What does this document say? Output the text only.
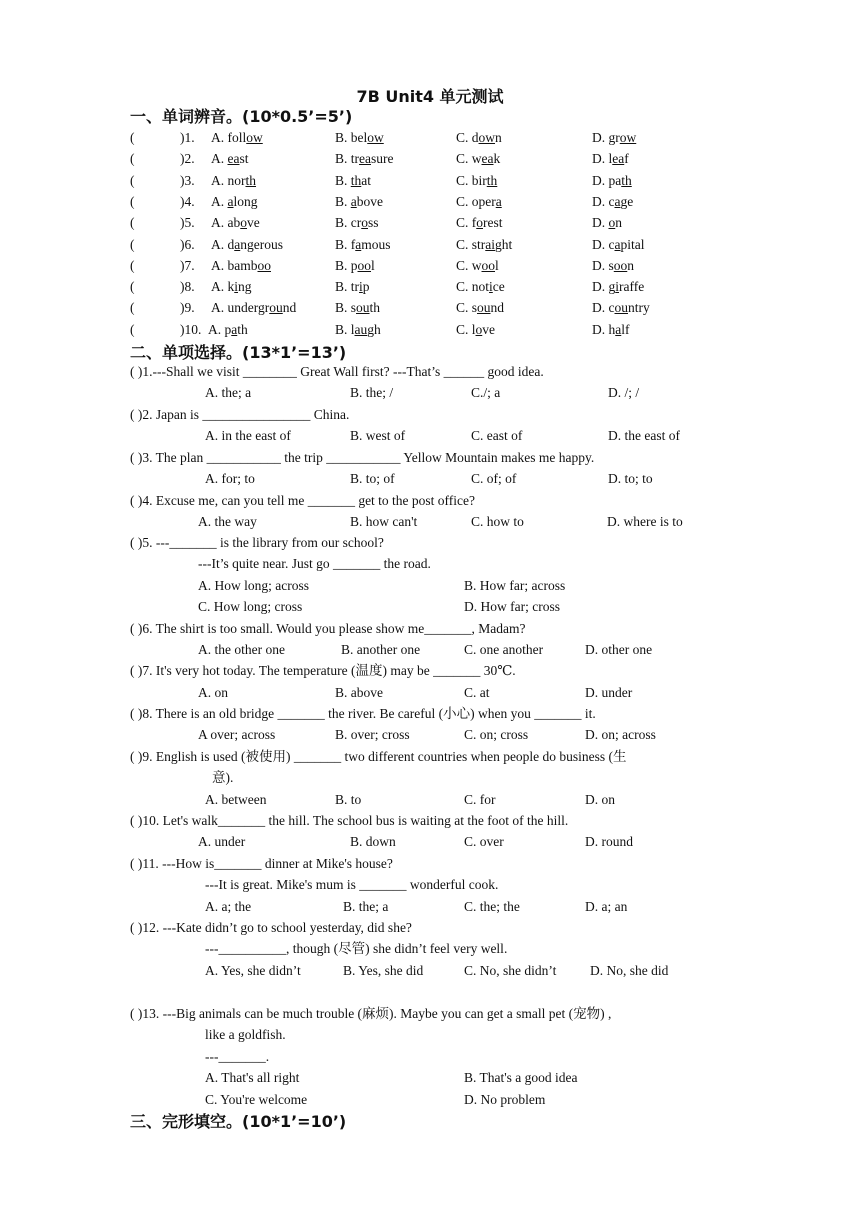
7B Unit4 单元测试
一、单词辨音。(10*0.5’=5’)
(	)1. A. follow	B. below	C. down	D. grow
(	)2. A. east	B. treasure	C. weak	D. leaf
(	)3. A. north	B. that	C. birth	D. path
(	)4. A. along	B. above	C. opera	D. cage
(	)5. A. above	B. cross	C. forest	D. on
(	)6. A. dangerous	B. famous	C. straight	D. capital
(	)7. A. bamboo	B. pool	C. wool	D. soon
(	)8. A. king	B. trip	C. notice	D. giraffe
(	)9. A. underground	B. south	C. sound	D. country
(	)10. A. path	B. laugh	C. love	D. half
二、单项选择。(13*1’=13’)
( )1.---Shall we visit ________ Great Wall first? ---That’s ______ good idea.
A. the; a	B. the; /	C./; a	D. /; /
( )2. Japan is ________________ China.
A. in the east of	B. west of	C. east of	D. the east of
( )3. The plan ___________ the trip ___________ Yellow Mountain makes me happy.
A. for; to	B. to; of	C. of; of	D. to; to
( )4. Excuse me, can you tell me _______ get to the post office?
A. the way	B. how can't	C. how to	D. where is to
( )5. ---_______ is the library from our school?
---It’s quite near. Just go _______ the road.
A. How long; across	B. How far; across
C. How long; cross	D. How far; cross
( )6. The shirt is too small. Would you please show me_______, Madam?
A. the other one	B. another one	C. one another	D. other one
( )7. It's very hot today. The temperature (温度) may be _______ 30℃.
A. on	B. above	C. at	D. under
( )8. There is an old bridge _______ the river. Be careful (小心) when you _______ it.
A over; across	B. over; cross	C. on; cross	D. on; across
( )9. English is used (被使用) _______ two different countries when people do business (生
意).
A. between	B. to	C. for	D. on
( )10. Let's walk_______ the hill. The school bus is waiting at the foot of the hill.
A. under	B. down	C. over	D. round
( )11. ---How is_______ dinner at Mike's house?
---It is great. Mike's mum is _______ wonderful cook.
A. a; the	B. the; a	C. the; the	D. a; an
( )12. ---Kate didn’t go to school yesterday, did she?
---__________, though (尽管) she didn’t feel very well.
A. Yes, she didn’t	B. Yes, she did	C. No, she didn’t D. No, she did
( )13. ---Big animals can be much trouble (麻烦). Maybe you can get a small pet (宠物) ,
like a goldfish.
---_______.
A. That's all right	B. That's a good idea
C. You're welcome	D. No problem
三、完形填空。(10*1’=10’)
